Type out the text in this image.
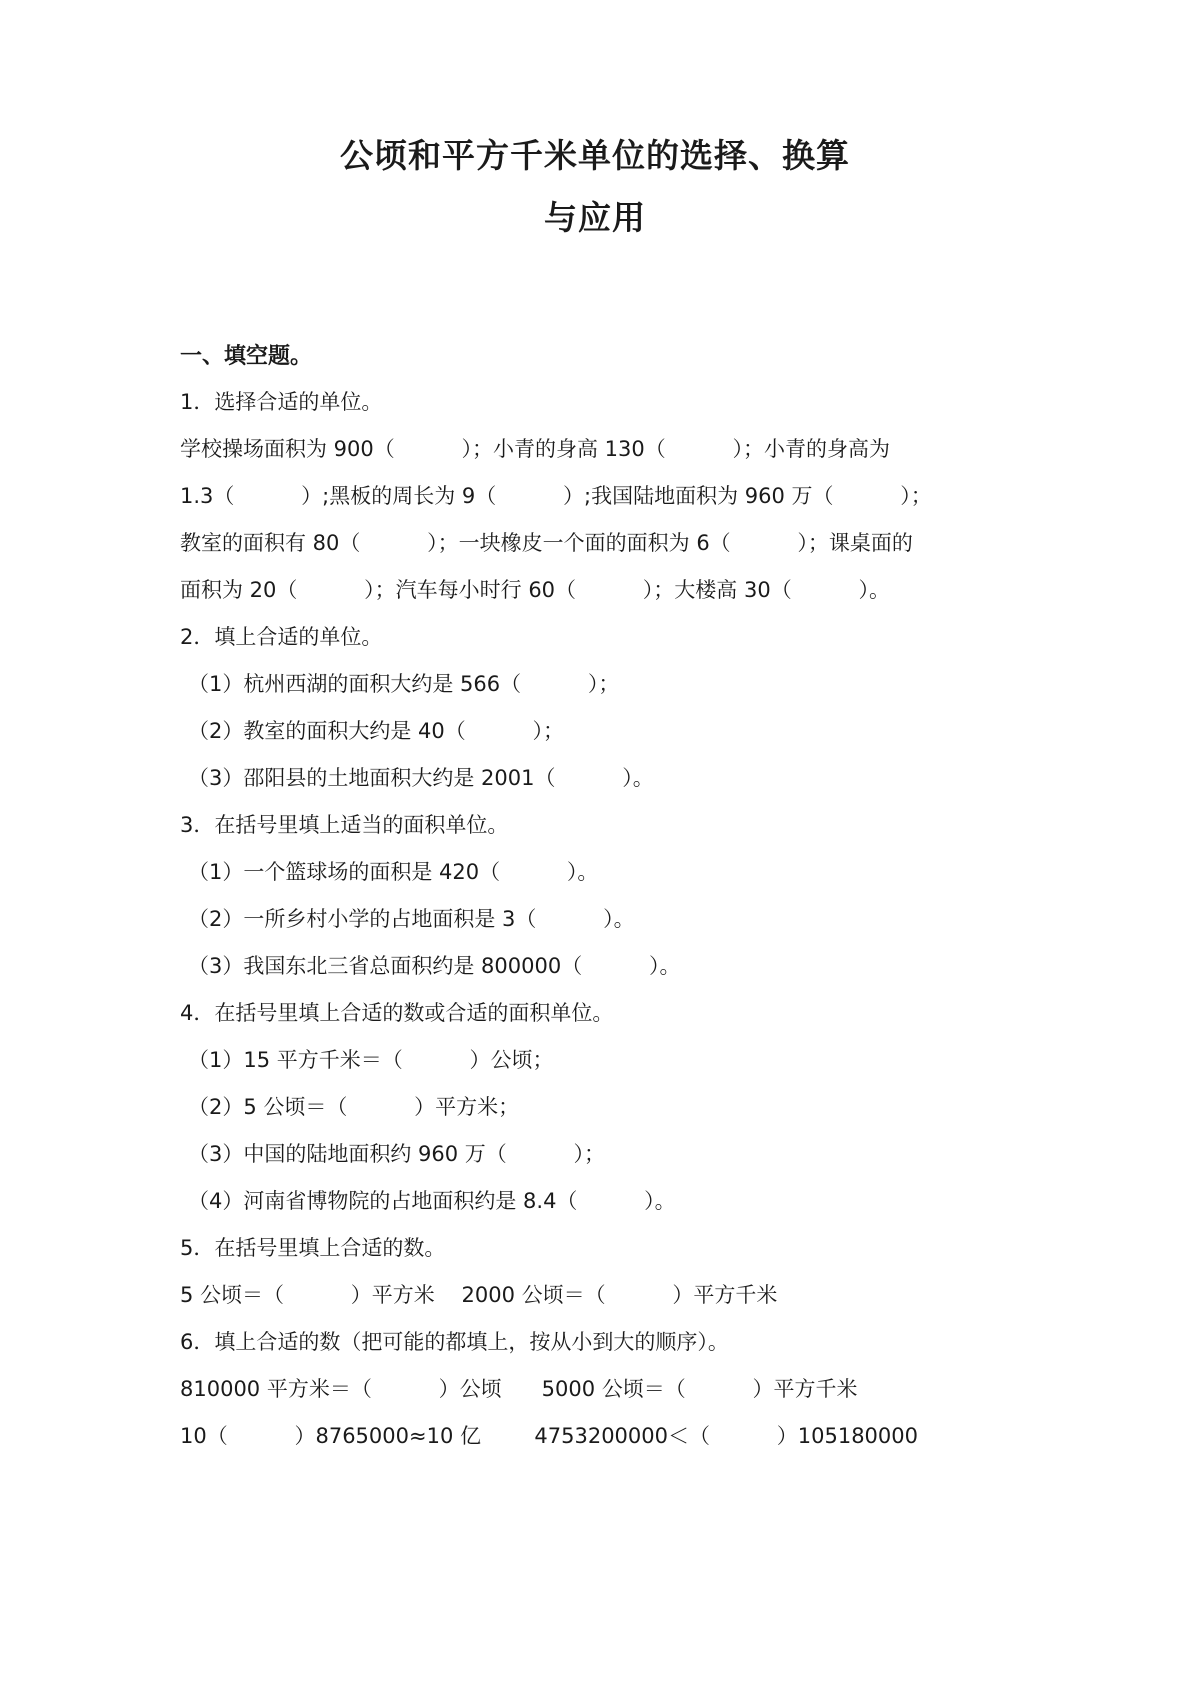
公顷和平方千米单位的选择、换算
与应用
一、填空题。
1．选择合适的单位。
学校操场面积为 900（          ）；小青的身高 130（          ）；小青的身高为
1.3（          ）;黑板的周长为 9（          ）;我国陆地面积为 960 万（          ）；
教室的面积有 80（          ）；一块橡皮一个面的面积为 6（          ）；课桌面的
面积为 20（          ）；汽车每小时行 60（          ）；大楼高 30（          ）。
2．填上合适的单位。
（1）杭州西湖的面积大约是 566（          ）；
（2）教室的面积大约是 40（          ）；
（3）邵阳县的土地面积大约是 2001（          ）。
3．在括号里填上适当的面积单位。
（1）一个篮球场的面积是 420（          ）。
（2）一所乡村小学的占地面积是 3（          ）。
（3）我国东北三省总面积约是 800000（          ）。
4．在括号里填上合适的数或合适的面积单位。
（1）15 平方千米＝（          ）公顷；
（2）5 公顷＝（          ）平方米；
（3）中国的陆地面积约 960 万（          ）；
（4）河南省博物院的占地面积约是 8.4（          ）。
5．在括号里填上合适的数。
5 公顷＝（          ）平方米    2000 公顷＝（          ）平方千米
6．填上合适的数（把可能的都填上，按从小到大的顺序）。
810000 平方米＝（          ）公顷      5000 公顷＝（          ）平方千米
10（          ）8765000≈10 亿        4753200000＜（          ）105180000
